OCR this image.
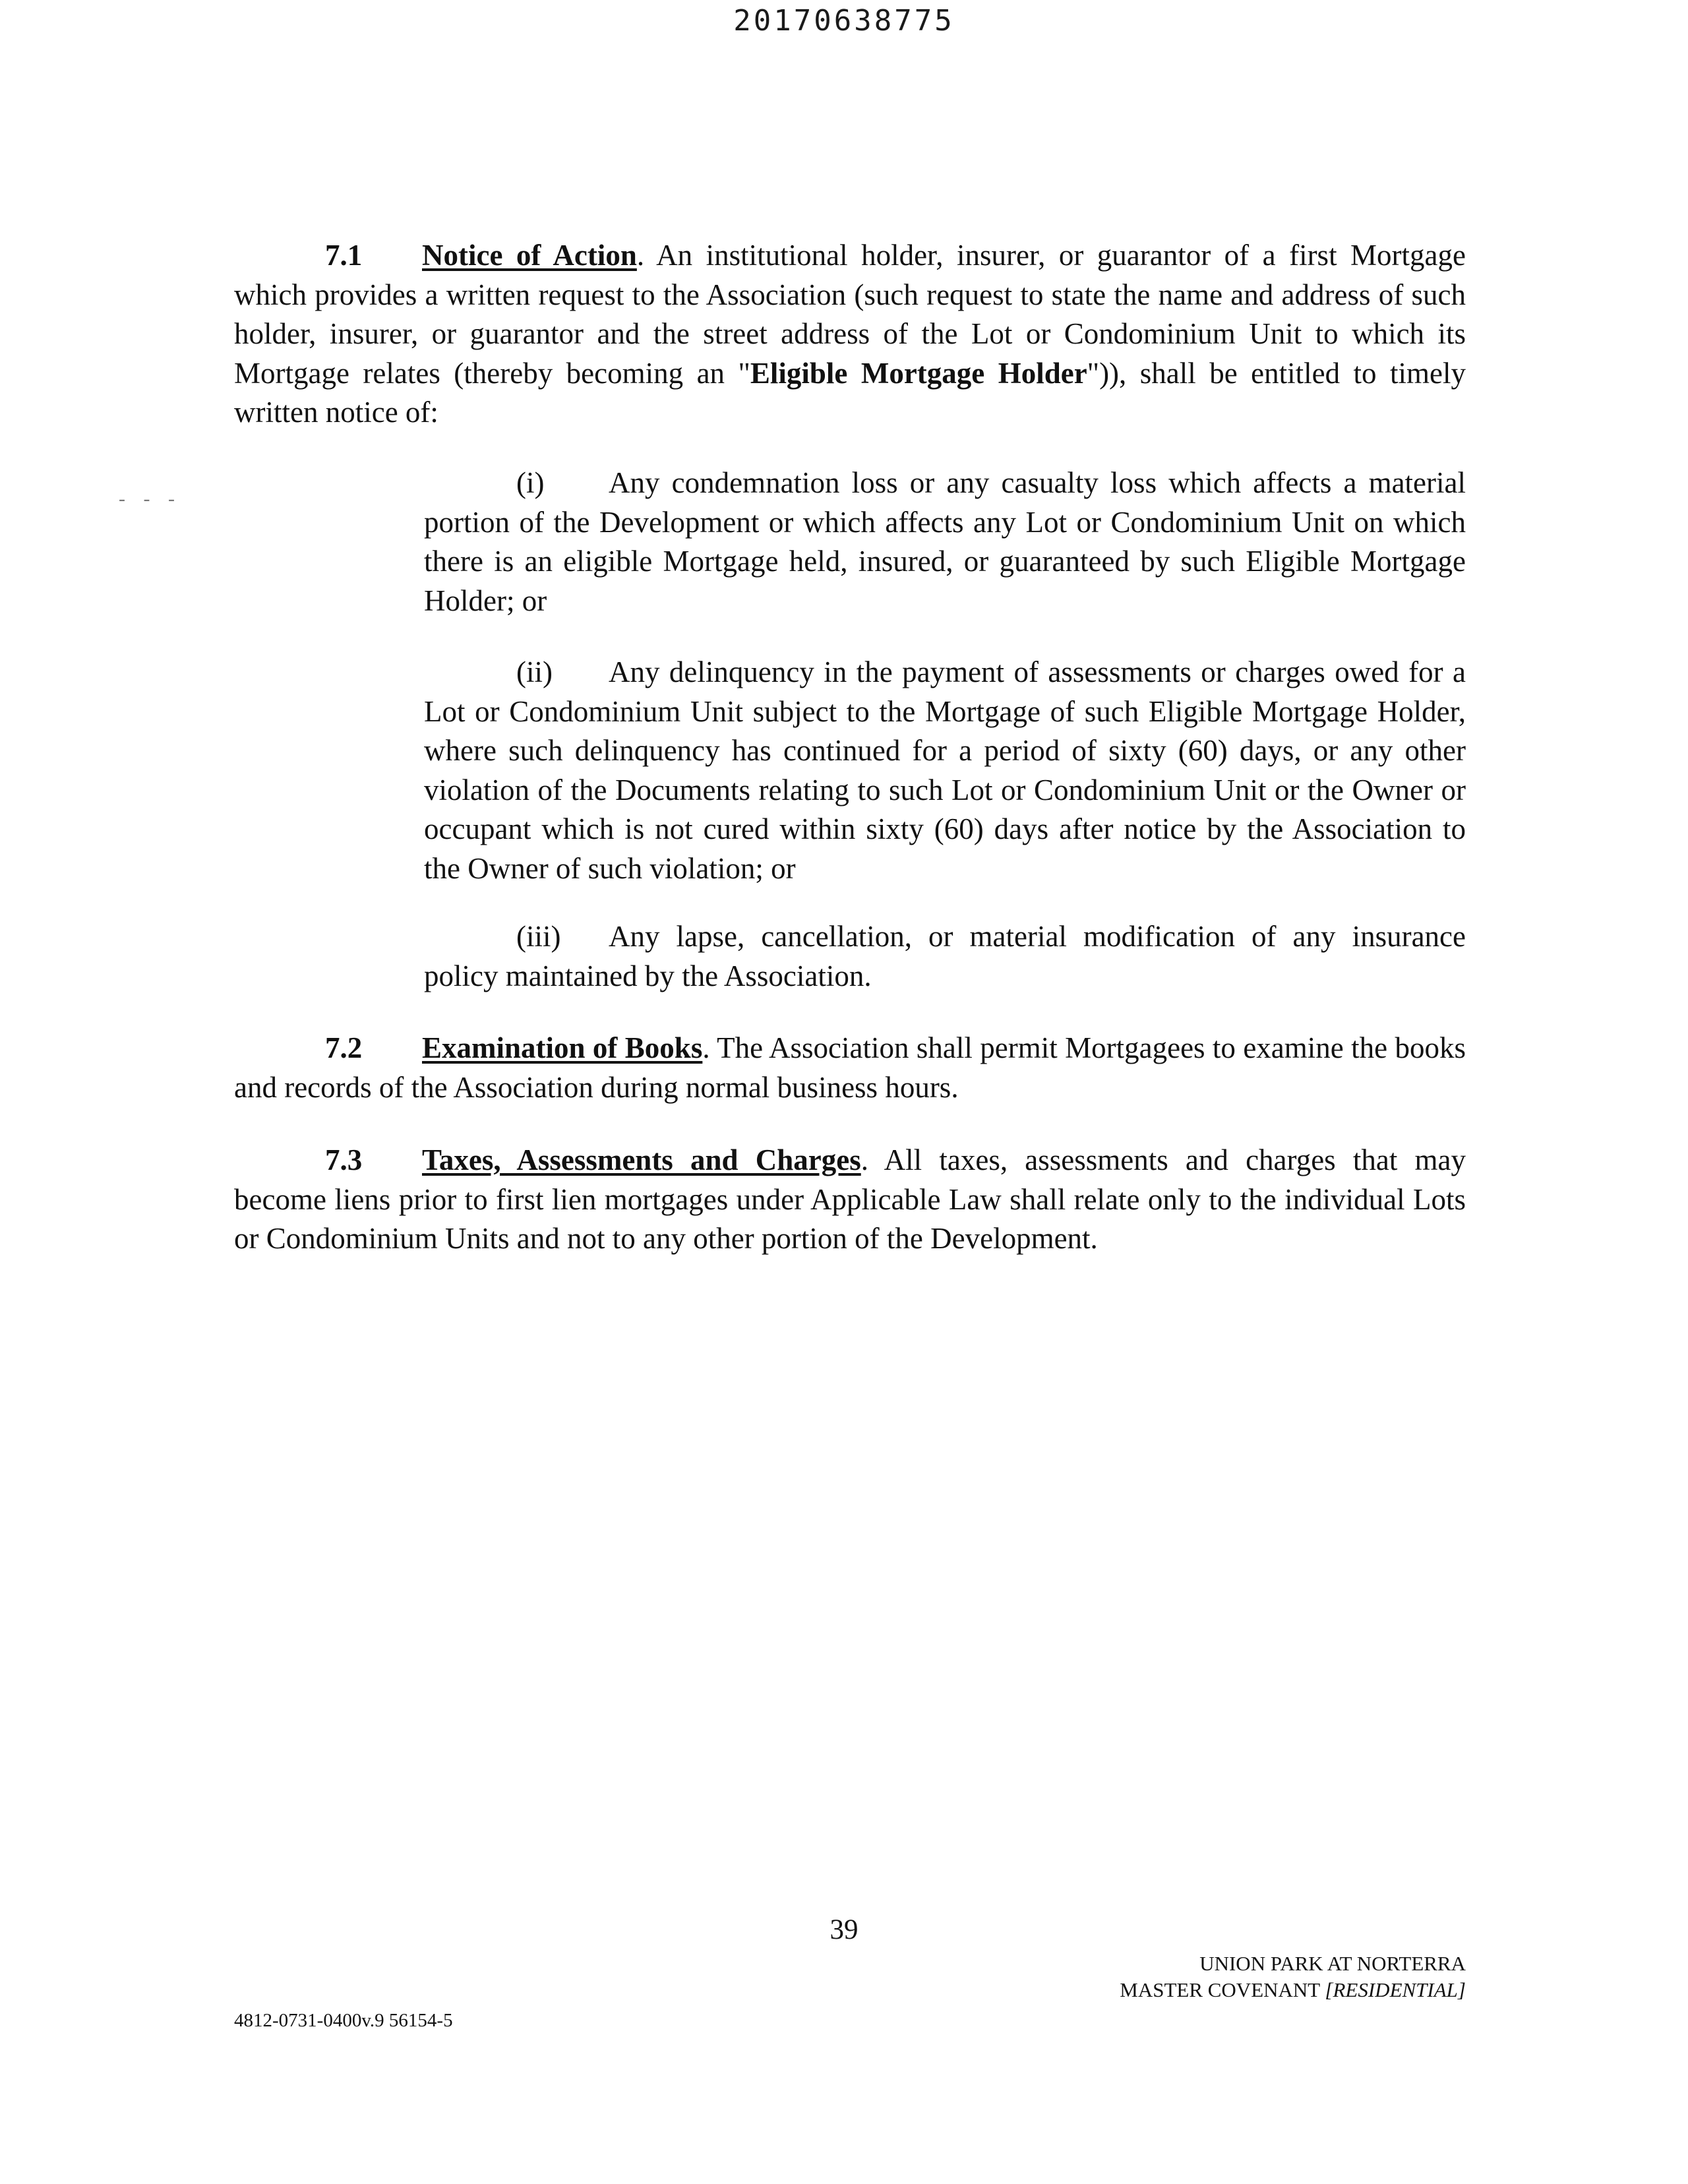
20170638775
- - -
7.1 Notice of Action. An institutional holder, insurer, or guarantor of a first Mortgage which provides a written request to the Association (such request to state the name and address of such holder, insurer, or guarantor and the street address of the Lot or Condominium Unit to which its Mortgage relates (thereby becoming an "Eligible Mortgage Holder")), shall be entitled to timely written notice of:
(i) Any condemnation loss or any casualty loss which affects a material portion of the Development or which affects any Lot or Condominium Unit on which there is an eligible Mortgage held, insured, or guaranteed by such Eligible Mortgage Holder; or
(ii) Any delinquency in the payment of assessments or charges owed for a Lot or Condominium Unit subject to the Mortgage of such Eligible Mortgage Holder, where such delinquency has continued for a period of sixty (60) days, or any other violation of the Documents relating to such Lot or Condominium Unit or the Owner or occupant which is not cured within sixty (60) days after notice by the Association to the Owner of such violation; or
(iii) Any lapse, cancellation, or material modification of any insurance policy maintained by the Association.
7.2 Examination of Books. The Association shall permit Mortgagees to examine the books and records of the Association during normal business hours.
7.3 Taxes, Assessments and Charges. All taxes, assessments and charges that may become liens prior to first lien mortgages under Applicable Law shall relate only to the individual Lots or Condominium Units and not to any other portion of the Development.
39
UNION PARK AT NORTERRA
MASTER COVENANT [RESIDENTIAL]
4812-0731-0400v.9 56154-5
